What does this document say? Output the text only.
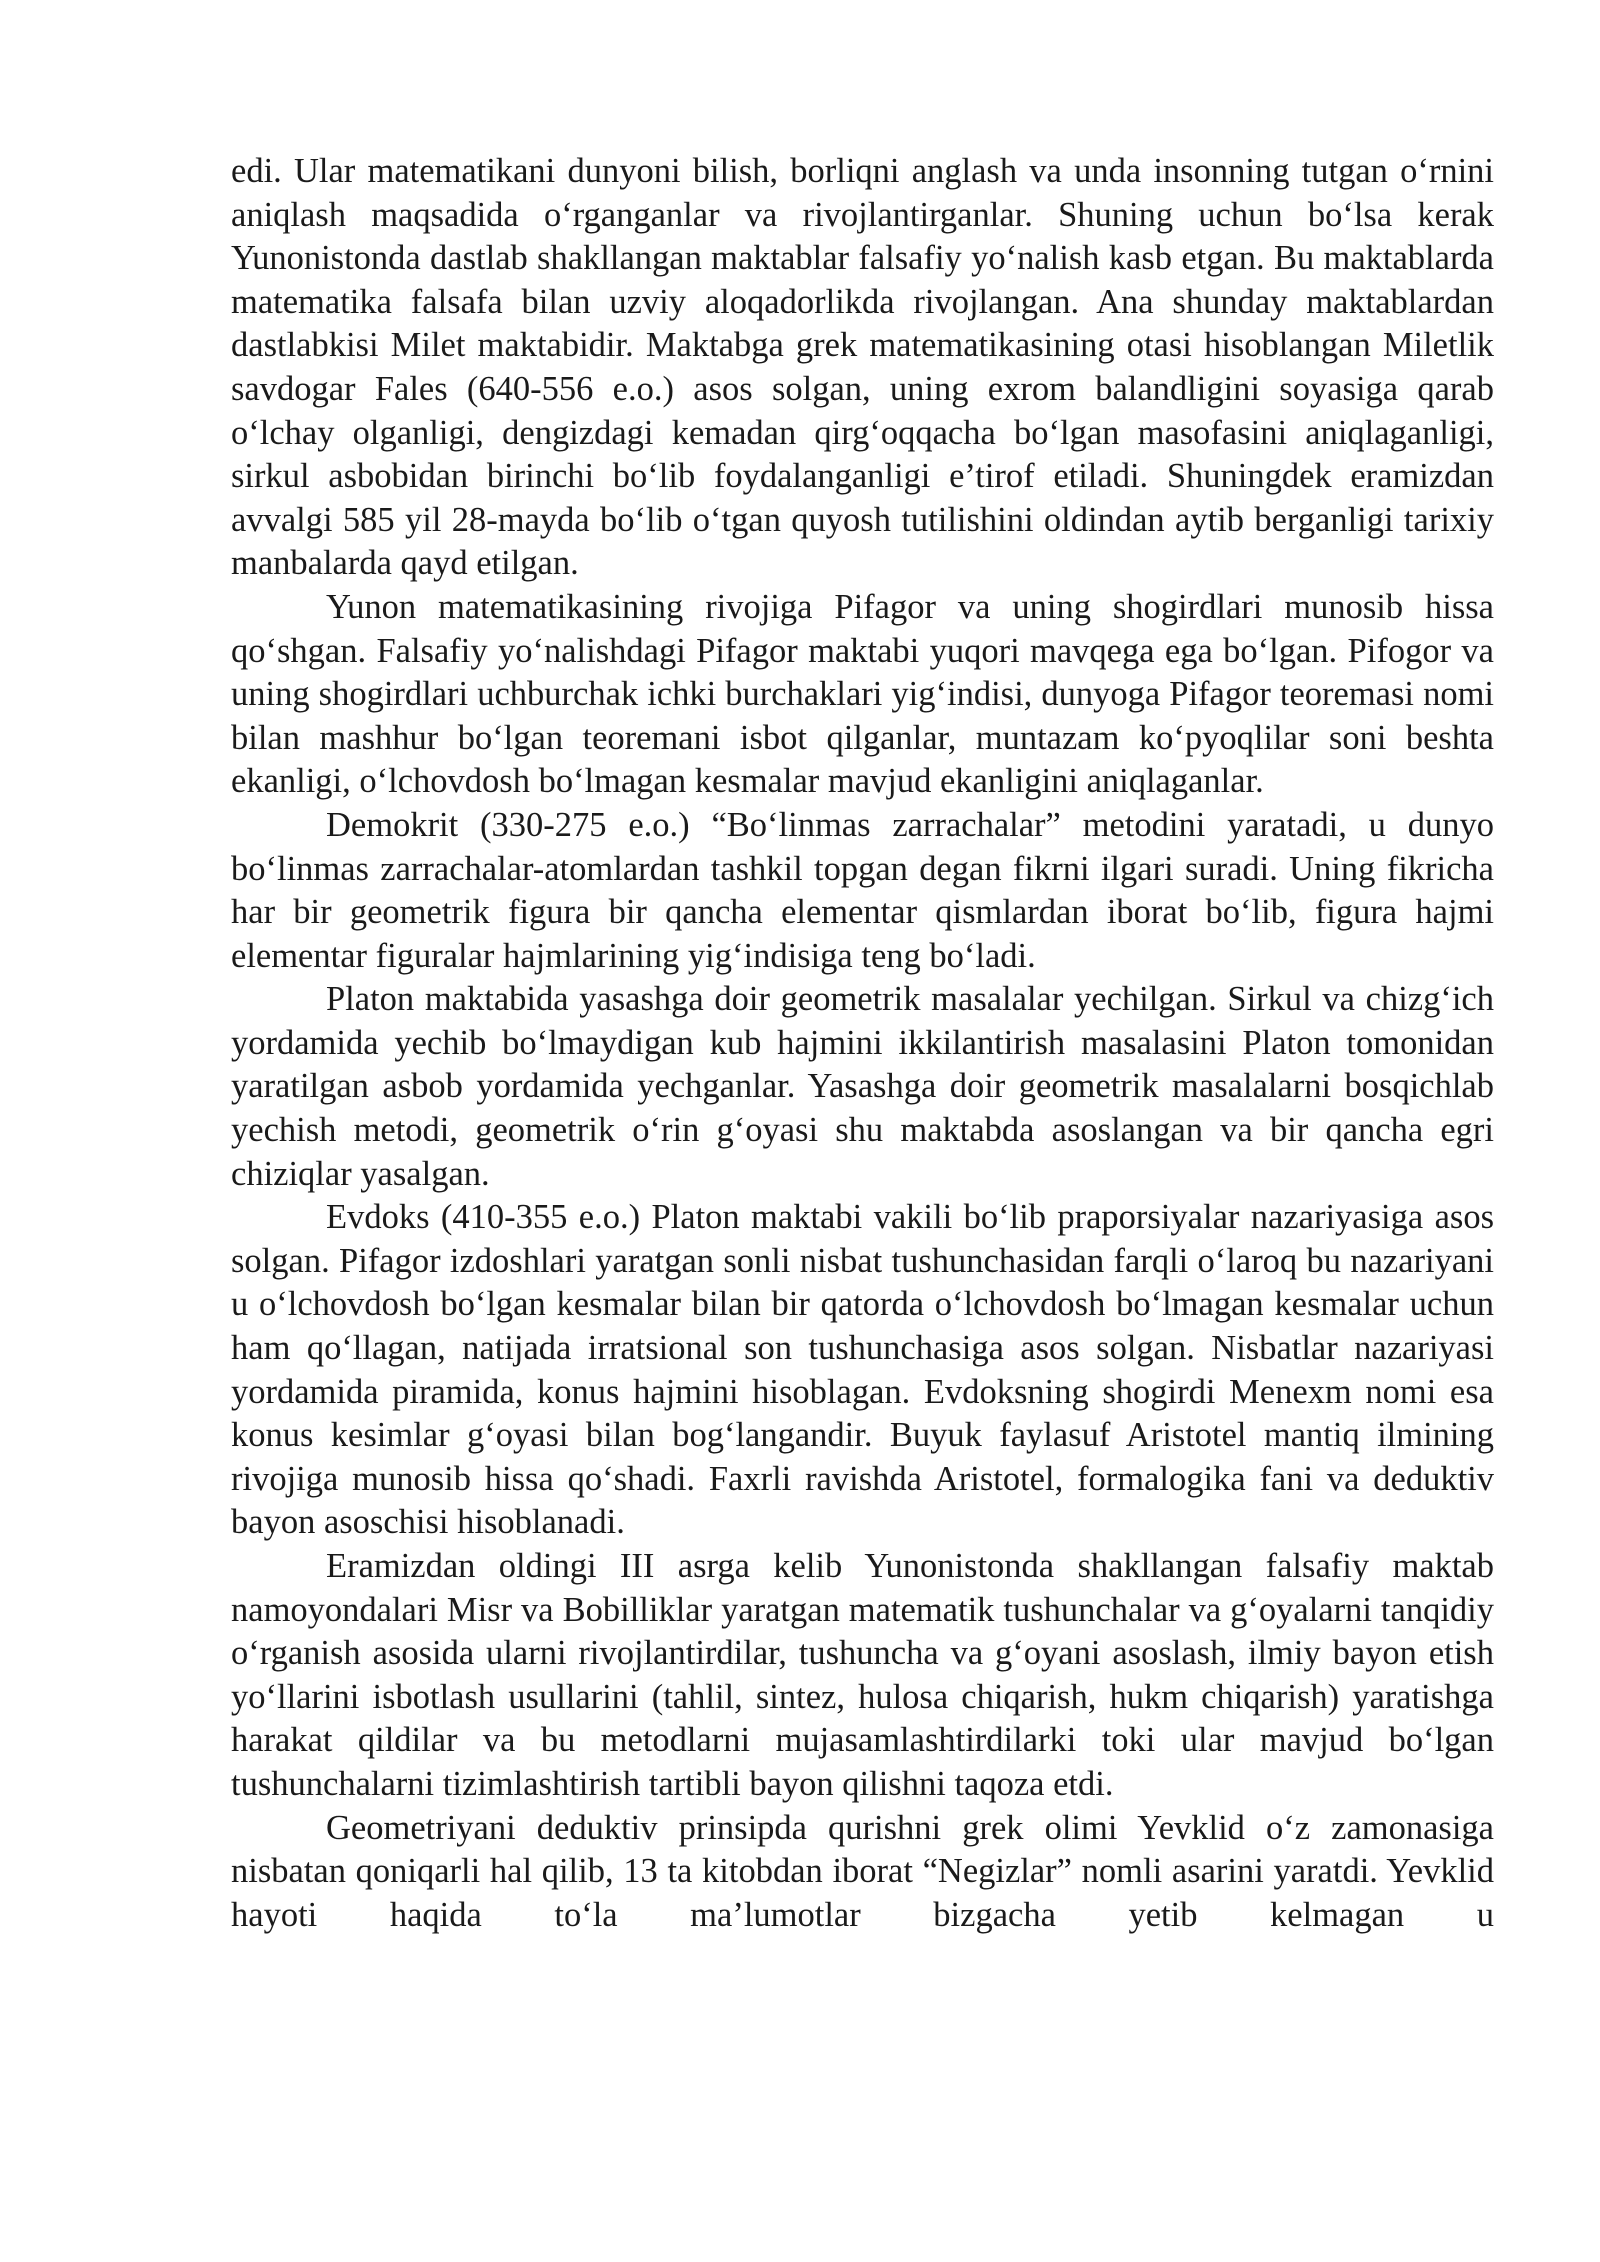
edi. Ular matematikani dunyoni bilish, borliqni anglash va unda insonning tutgan oʻrnini aniqlash maqsadida oʻrganganlar va rivojlantirganlar. Shuning uchun boʻlsa kerak Yunonistonda dastlab shakllangan maktablar falsafiy yoʻnalish kasb etgan. Bu maktablarda matematika falsafa bilan uzviy aloqadorlikda rivojlangan. Ana shunday maktablardan dastlabkisi Milet maktabidir. Maktabga grek matematikasining otasi hisoblangan Miletlik savdogar Fales (640-556 e.o.) asos solgan, uning exrom balandligini soyasiga qarab oʻlchay olganligi, dengizdagi kemadan qirgʻoqqacha boʻlgan masofasini aniqlaganligi, sirkul asbobidan birinchi boʻlib foydalanganligi e’tirof etiladi. Shuningdek eramizdan avvalgi 585 yil 28-mayda boʻlib oʻtgan quyosh tutilishini oldindan aytib berganligi tarixiy manbalarda qayd etilgan.

Yunon matematikasining rivojiga Pifagor va uning shogirdlari munosib hissa qoʻshgan. Falsafiy yoʻnalishdagi Pifagor maktabi yuqori mavqega ega boʻlgan. Pifogor va uning shogirdlari uchburchak ichki burchaklari yigʻindisi, dunyoga Pifagor teoremasi nomi bilan mashhur boʻlgan teoremani isbot qilganlar, muntazam koʻpyoqlilar soni beshta ekanligi, oʻlchovdosh boʻlmagan kesmalar mavjud ekanligini aniqlaganlar.

Demokrit (330-275 e.o.) “Boʻlinmas zarrachalar” metodini yaratadi, u dunyo boʻlinmas zarrachalar-atomlardan tashkil topgan degan fikrni ilgari suradi. Uning fikricha har bir geometrik figura bir qancha elementar qismlardan iborat boʻlib, figura hajmi elementar figuralar hajmlarining yigʻindisiga teng boʻladi.

Platon maktabida yasashga doir geometrik masalalar yechilgan. Sirkul va chizgʻich yordamida yechib boʻlmaydigan kub hajmini ikkilantirish masalasini Platon tomonidan yaratilgan asbob yordamida yechganlar. Yasashga doir geometrik masalalarni bosqichlab yechish metodi, geometrik oʻrin gʻoyasi shu maktabda asoslangan va bir qancha egri chiziqlar yasalgan.

Evdoks (410-355 e.o.) Platon maktabi vakili boʻlib praporsiyalar nazariyasiga asos solgan. Pifagor izdoshlari yaratgan sonli nisbat tushunchasidan farqli oʻlaroq bu nazariyani u oʻlchovdosh boʻlgan kesmalar bilan bir qatorda oʻlchovdosh boʻlmagan kesmalar uchun ham qoʻllagan, natijada irratsional son tushunchasiga asos solgan. Nisbatlar nazariyasi yordamida piramida, konus hajmini hisoblagan. Evdoksning shogirdi Menexm nomi esa konus kesimlar gʻoyasi bilan bogʻlangandir. Buyuk faylasuf Aristotel mantiq ilmining rivojiga munosib hissa qoʻshadi. Faxrli ravishda Aristotel, formalogika fani va deduktiv bayon asoschisi hisoblanadi.

Eramizdan oldingi III asrga kelib Yunonistonda shakllangan falsafiy maktab namoyondalari Misr va Bobilliklar yaratgan matematik tushunchalar va gʻoyalarni tanqidiy oʻrganish asosida ularni rivojlantirdilar, tushuncha va gʻoyani asoslash, ilmiy bayon etish yoʻllarini isbotlash usullarini (tahlil, sintez, hulosa chiqarish, hukm chiqarish) yaratishga harakat qildilar va bu metodlarni mujasamlashtirdilarki toki ular mavjud boʻlgan tushunchalarni tizimlashtirish tartibli bayon qilishni taqoza etdi.

Geometriyani deduktiv prinsipda qurishni grek olimi Yevklid oʻz zamonasiga nisbatan qoniqarli hal qilib, 13 ta kitobdan iborat “Negizlar” nomli asarini yaratdi. Yevklid hayoti haqida toʻla ma’lumotlar bizgacha yetib kelmagan u
